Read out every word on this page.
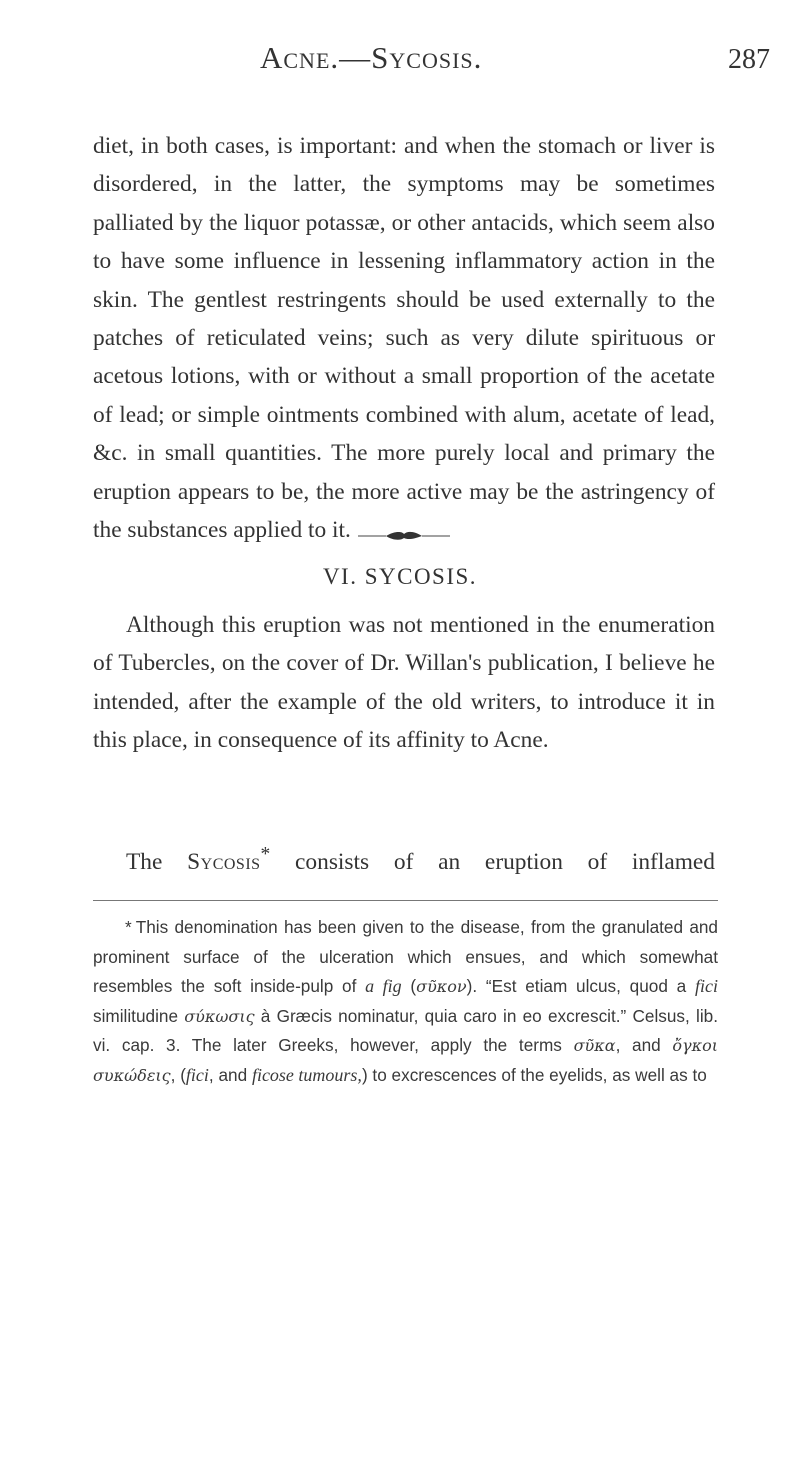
Acne.—Sycosis.	287

diet, in both cases, is important: and when the stomach or liver is disordered, in the latter, the symptoms may be sometimes palliated by the liquor potassæ, or other antacids, which seem also to have some influence in lessening inflammatory action in the skin. The gentlest restringents should be used externally to the patches of reticulated veins; such as very dilute spirituous or acetous lotions, with or without a small proportion of the acetate of lead; or simple ointments combined with alum, acetate of lead, &c. in small quantities. The more purely local and primary the eruption appears to be, the more active may be the astringency of the substances applied to it.

VI. SYCOSIS.

Although this eruption was not mentioned in the enumeration of Tubercles, on the cover of Dr. Willan's publication, I believe he intended, after the example of the old writers, to introduce it in this place, in consequence of its affinity to Acne.

The Sycosis* consists of an eruption of inflamed

* This denomination has been given to the disease, from the granulated and prominent surface of the ulceration which ensues, and which somewhat resembles the soft inside-pulp of a fig (σῦκον). “Est etiam ulcus, quod a fici similitudine σύκωσις à Græcis nominatur, quia caro in eo excrescit.” Celsus, lib. vi. cap. 3. The later Greeks, however, apply the terms σῦκα, and ὄγκοι συκώδεις, (fici, and ficose tumours,) to excrescences of the eyelids, as well as to
